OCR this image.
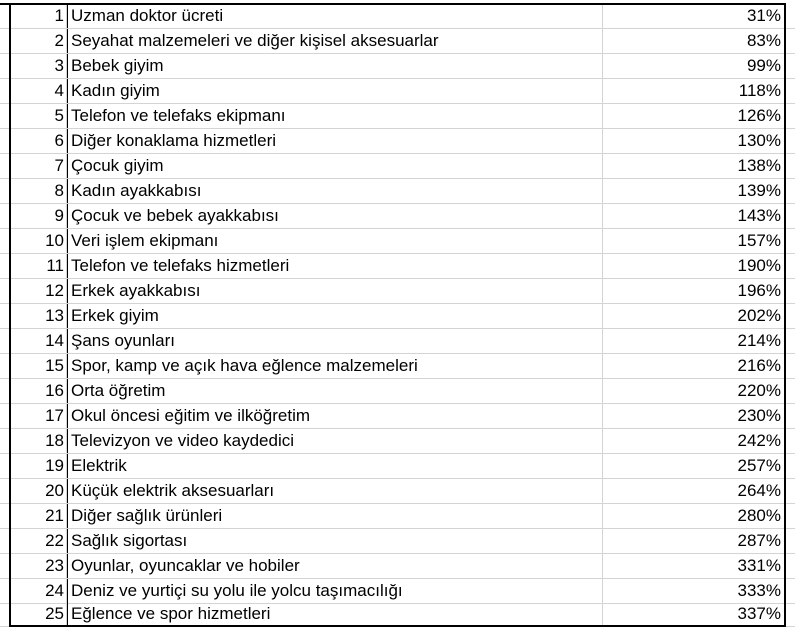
1 Uzman doktor ücreti	31%
2 Seyahat malzemeleri ve diğer kişisel aksesuarlar	83%
3 Bebek giyim	99%
4 Kadın giyim	118%
5 Telefon ve telefaks ekipmanı	126%
6 Diğer konaklama hizmetleri	130%
7 Çocuk giyim	138%
8 Kadın ayakkabısı	139%
9 Çocuk ve bebek ayakkabısı	143%
10 Veri işlem ekipmanı	157%
11 Telefon ve telefaks hizmetleri	190%
12 Erkek ayakkabısı	196%
13 Erkek giyim	202%
14 Şans oyunları	214%
15 Spor, kamp ve açık hava eğlence malzemeleri	216%
16 Orta öğretim	220%
17 Okul öncesi eğitim ve ilköğretim	230%
18 Televizyon ve video kaydedici	242%
19 Elektrik	257%
20 Küçük elektrik aksesuarları	264%
21 Diğer sağlık ürünleri	280%
22 Sağlık sigortası	287%
23 Oyunlar, oyuncaklar ve hobiler	331%
24 Deniz ve yurtiçi su yolu ile yolcu taşımacılığı	333%
25 Eğlence ve spor hizmetleri	337%
